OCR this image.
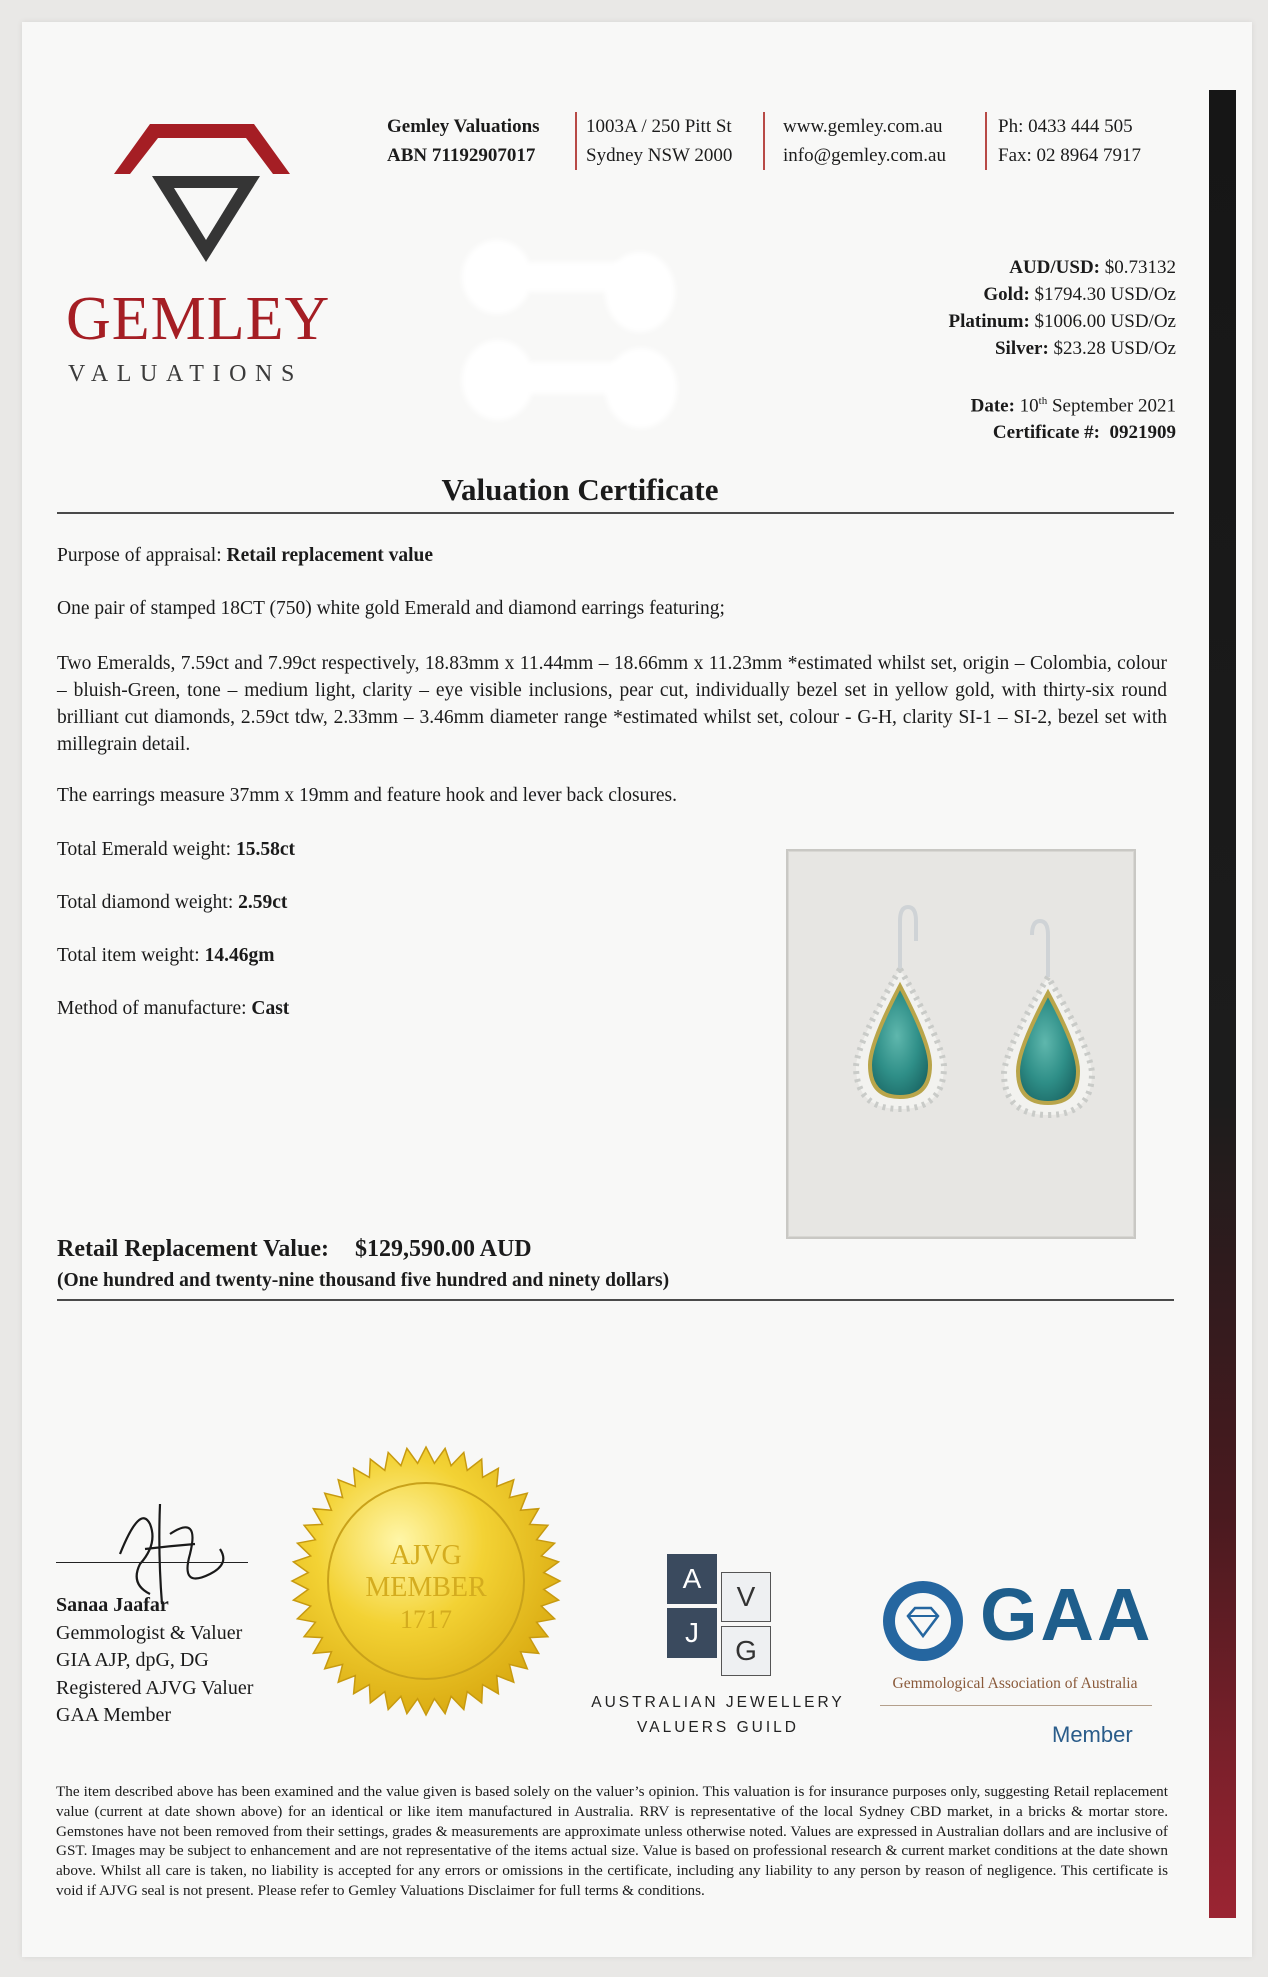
GEMLEY
VALUATIONS
Gemley Valuations
ABN 71192907017
1003A / 250 Pitt St
Sydney NSW 2000
www.gemley.com.au
info@gemley.com.au
Ph: 0433 444 505
Fax: 02 8964 7917
AUD/USD: $0.73132
Gold: $1794.30 USD/Oz
Platinum: $1006.00 USD/Oz
Silver: $23.28 USD/Oz
Date: 10th September 2021
Certificate #:  0921909
Valuation Certificate
Purpose of appraisal: Retail replacement value
One pair of stamped 18CT (750) white gold Emerald and diamond earrings featuring;
Two Emeralds, 7.59ct and 7.99ct respectively, 18.83mm x 11.44mm – 18.66mm x 11.23mm *estimated whilst set, origin – Colombia, colour – bluish-Green, tone – medium light, clarity – eye visible inclusions, pear cut, individually bezel set in yellow gold, with thirty-six round brilliant cut diamonds, 2.59ct tdw, 2.33mm – 3.46mm diameter range *estimated whilst set, colour - G-H, clarity SI-1 – SI-2, bezel set with millegrain detail.
The earrings measure 37mm x 19mm and feature hook and lever back closures.
Total Emerald weight: 15.58ct
Total diamond weight: 2.59ct
Total item weight: 14.46gm
Method of manufacture: Cast
Retail Replacement Value: $129,590.00 AUD
(One hundred and twenty-nine thousand five hundred and ninety dollars)
Sanaa Jaafar
Gemmologist & Valuer
GIA AJP, dpG, DG
Registered AJVG Valuer
GAA Member
AJVG
MEMBER
1717
A
V
J
G
AUSTRALIAN JEWELLERY
VALUERS GUILD
GAA
Gemmological Association of Australia
Member
The item described above has been examined and the value given is based solely on the valuer’s opinion. This valuation is for insurance purposes only, suggesting Retail replacement value (current at date shown above) for an identical or like item manufactured in Australia. RRV is representative of the local Sydney CBD market, in a bricks & mortar store. Gemstones have not been removed from their settings, grades & measurements are approximate unless otherwise noted. Values are expressed in Australian dollars and are inclusive of GST. Images may be subject to enhancement and are not representative of the items actual size. Value is based on professional research & current market conditions at the date shown above. Whilst all care is taken, no liability is accepted for any errors or omissions in the certificate, including any liability to any person by reason of negligence. This certificate is void if AJVG seal is not present. Please refer to Gemley Valuations Disclaimer for full terms & conditions.
